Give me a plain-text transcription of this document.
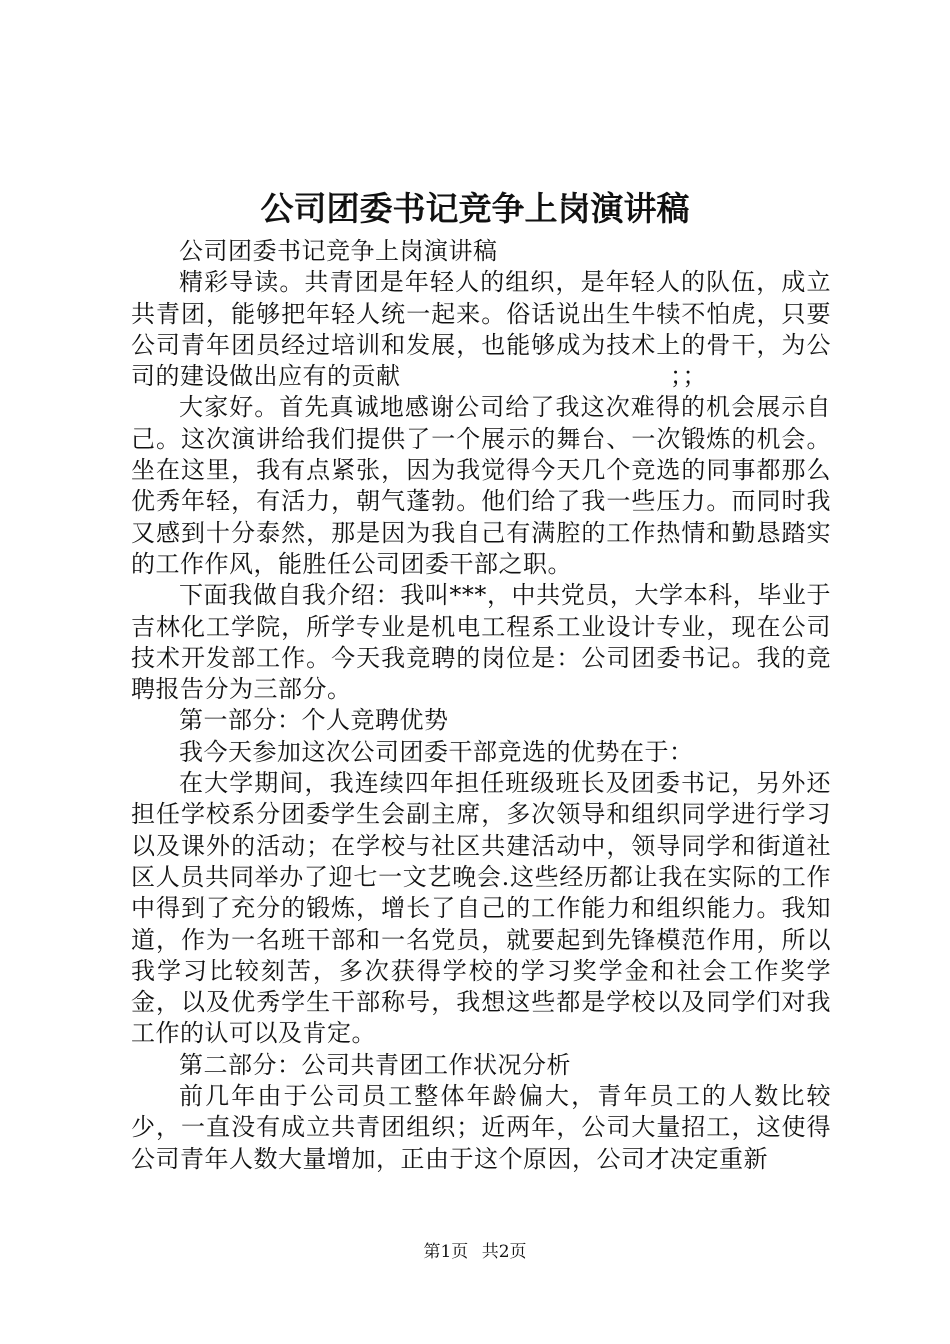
公司团委书记竞争上岗演讲稿

公司团委书记竞争上岗演讲稿

精彩导读。共青团是年轻人的组织，是年轻人的队伍，成立共青团，能够把年轻人统一起来。俗话说出生牛犊不怕虎，只要公司青年团员经过培训和发展，也能够成为技术上的骨干，为公司的建设做出应有的贡献　　　　　　　　　　　；；

大家好。首先真诚地感谢公司给了我这次难得的机会展示自己。这次演讲给我们提供了一个展示的舞台、一次锻炼的机会。坐在这里，我有点紧张，因为我觉得今天几个竞选的同事都那么优秀年轻，有活力，朝气蓬勃。他们给了我一些压力。而同时我又感到十分泰然，那是因为我自己有满腔的工作热情和勤恳踏实的工作作风，能胜任公司团委干部之职。

下面我做自我介绍：我叫***，中共党员，大学本科，毕业于吉林化工学院，所学专业是机电工程系工业设计专业，现在公司技术开发部工作。今天我竞聘的岗位是：公司团委书记。我的竞聘报告分为三部分。

第一部分：个人竞聘优势

我今天参加这次公司团委干部竞选的优势在于：

在大学期间，我连续四年担任班级班长及团委书记，另外还担任学校系分团委学生会副主席，多次领导和组织同学进行学习以及课外的活动；在学校与社区共建活动中，领导同学和街道社区人员共同举办了迎七一文艺晚会.这些经历都让我在实际的工作中得到了充分的锻炼，增长了自己的工作能力和组织能力。我知道，作为一名班干部和一名党员，就要起到先锋模范作用，所以我学习比较刻苦，多次获得学校的学习奖学金和社会工作奖学金，以及优秀学生干部称号，我想这些都是学校以及同学们对我工作的认可以及肯定。

第二部分：公司共青团工作状况分析

前几年由于公司员工整体年龄偏大，青年员工的人数比较少，一直没有成立共青团组织；近两年，公司大量招工，这使得公司青年人数大量增加，正由于这个原因，公司才决定重新

第1页 共2页
